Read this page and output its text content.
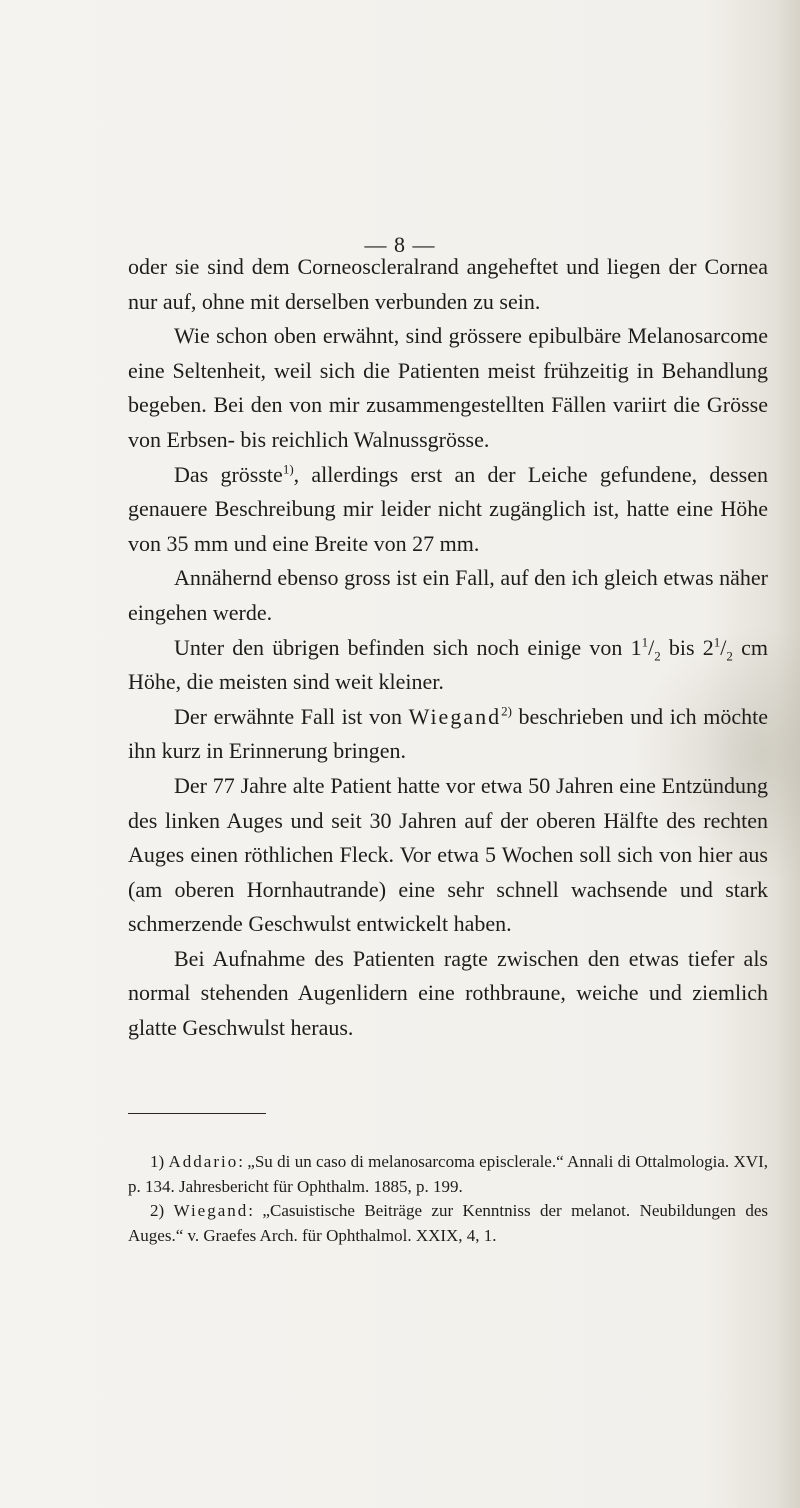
— 8 —

oder sie sind dem Corneoscleralrand angeheftet und liegen der Cornea nur auf, ohne mit derselben verbunden zu sein.

Wie schon oben erwähnt, sind grössere epibulbäre Melanosarcome eine Seltenheit, weil sich die Patienten meist frühzeitig in Behandlung begeben. Bei den von mir zusammengestellten Fällen variirt die Grösse von Erbsen- bis reichlich Walnussgrösse.

Das grösste$^{1)}$, allerdings erst an der Leiche gefundene, dessen genauere Beschreibung mir leider nicht zugänglich ist, hatte eine Höhe von 35 mm und eine Breite von 27 mm.

Annähernd ebenso gross ist ein Fall, auf den ich gleich etwas näher eingehen werde.

Unter den übrigen befinden sich noch einige von $1^1/_2$ bis $2^1/_2$ cm Höhe, die meisten sind weit kleiner.

Der erwähnte Fall ist von Wiegand$^{2)}$ beschrieben und ich möchte ihn kurz in Erinnerung bringen.

Der 77 Jahre alte Patient hatte vor etwa 50 Jahren eine Entzündung des linken Auges und seit 30 Jahren auf der oberen Hälfte des rechten Auges einen röthlichen Fleck. Vor etwa 5 Wochen soll sich von hier aus (am oberen Hornhautrande) eine sehr schnell wachsende und stark schmerzende Geschwulst entwickelt haben.

Bei Aufnahme des Patienten ragte zwischen den etwas tiefer als normal stehenden Augenlidern eine rothbraune, weiche und ziemlich glatte Geschwulst heraus.

1) Addario: „Su di un caso di melanosarcoma episclerale.“ Annali di Ottalmologia. XVI, p. 134. Jahresbericht für Ophthalm. 1885, p. 199.

2) Wiegand: „Casuistische Beiträge zur Kenntniss der melanot. Neubildungen des Auges.“ v. Graefes Arch. für Ophthalmol. XXIX, 4, 1.
